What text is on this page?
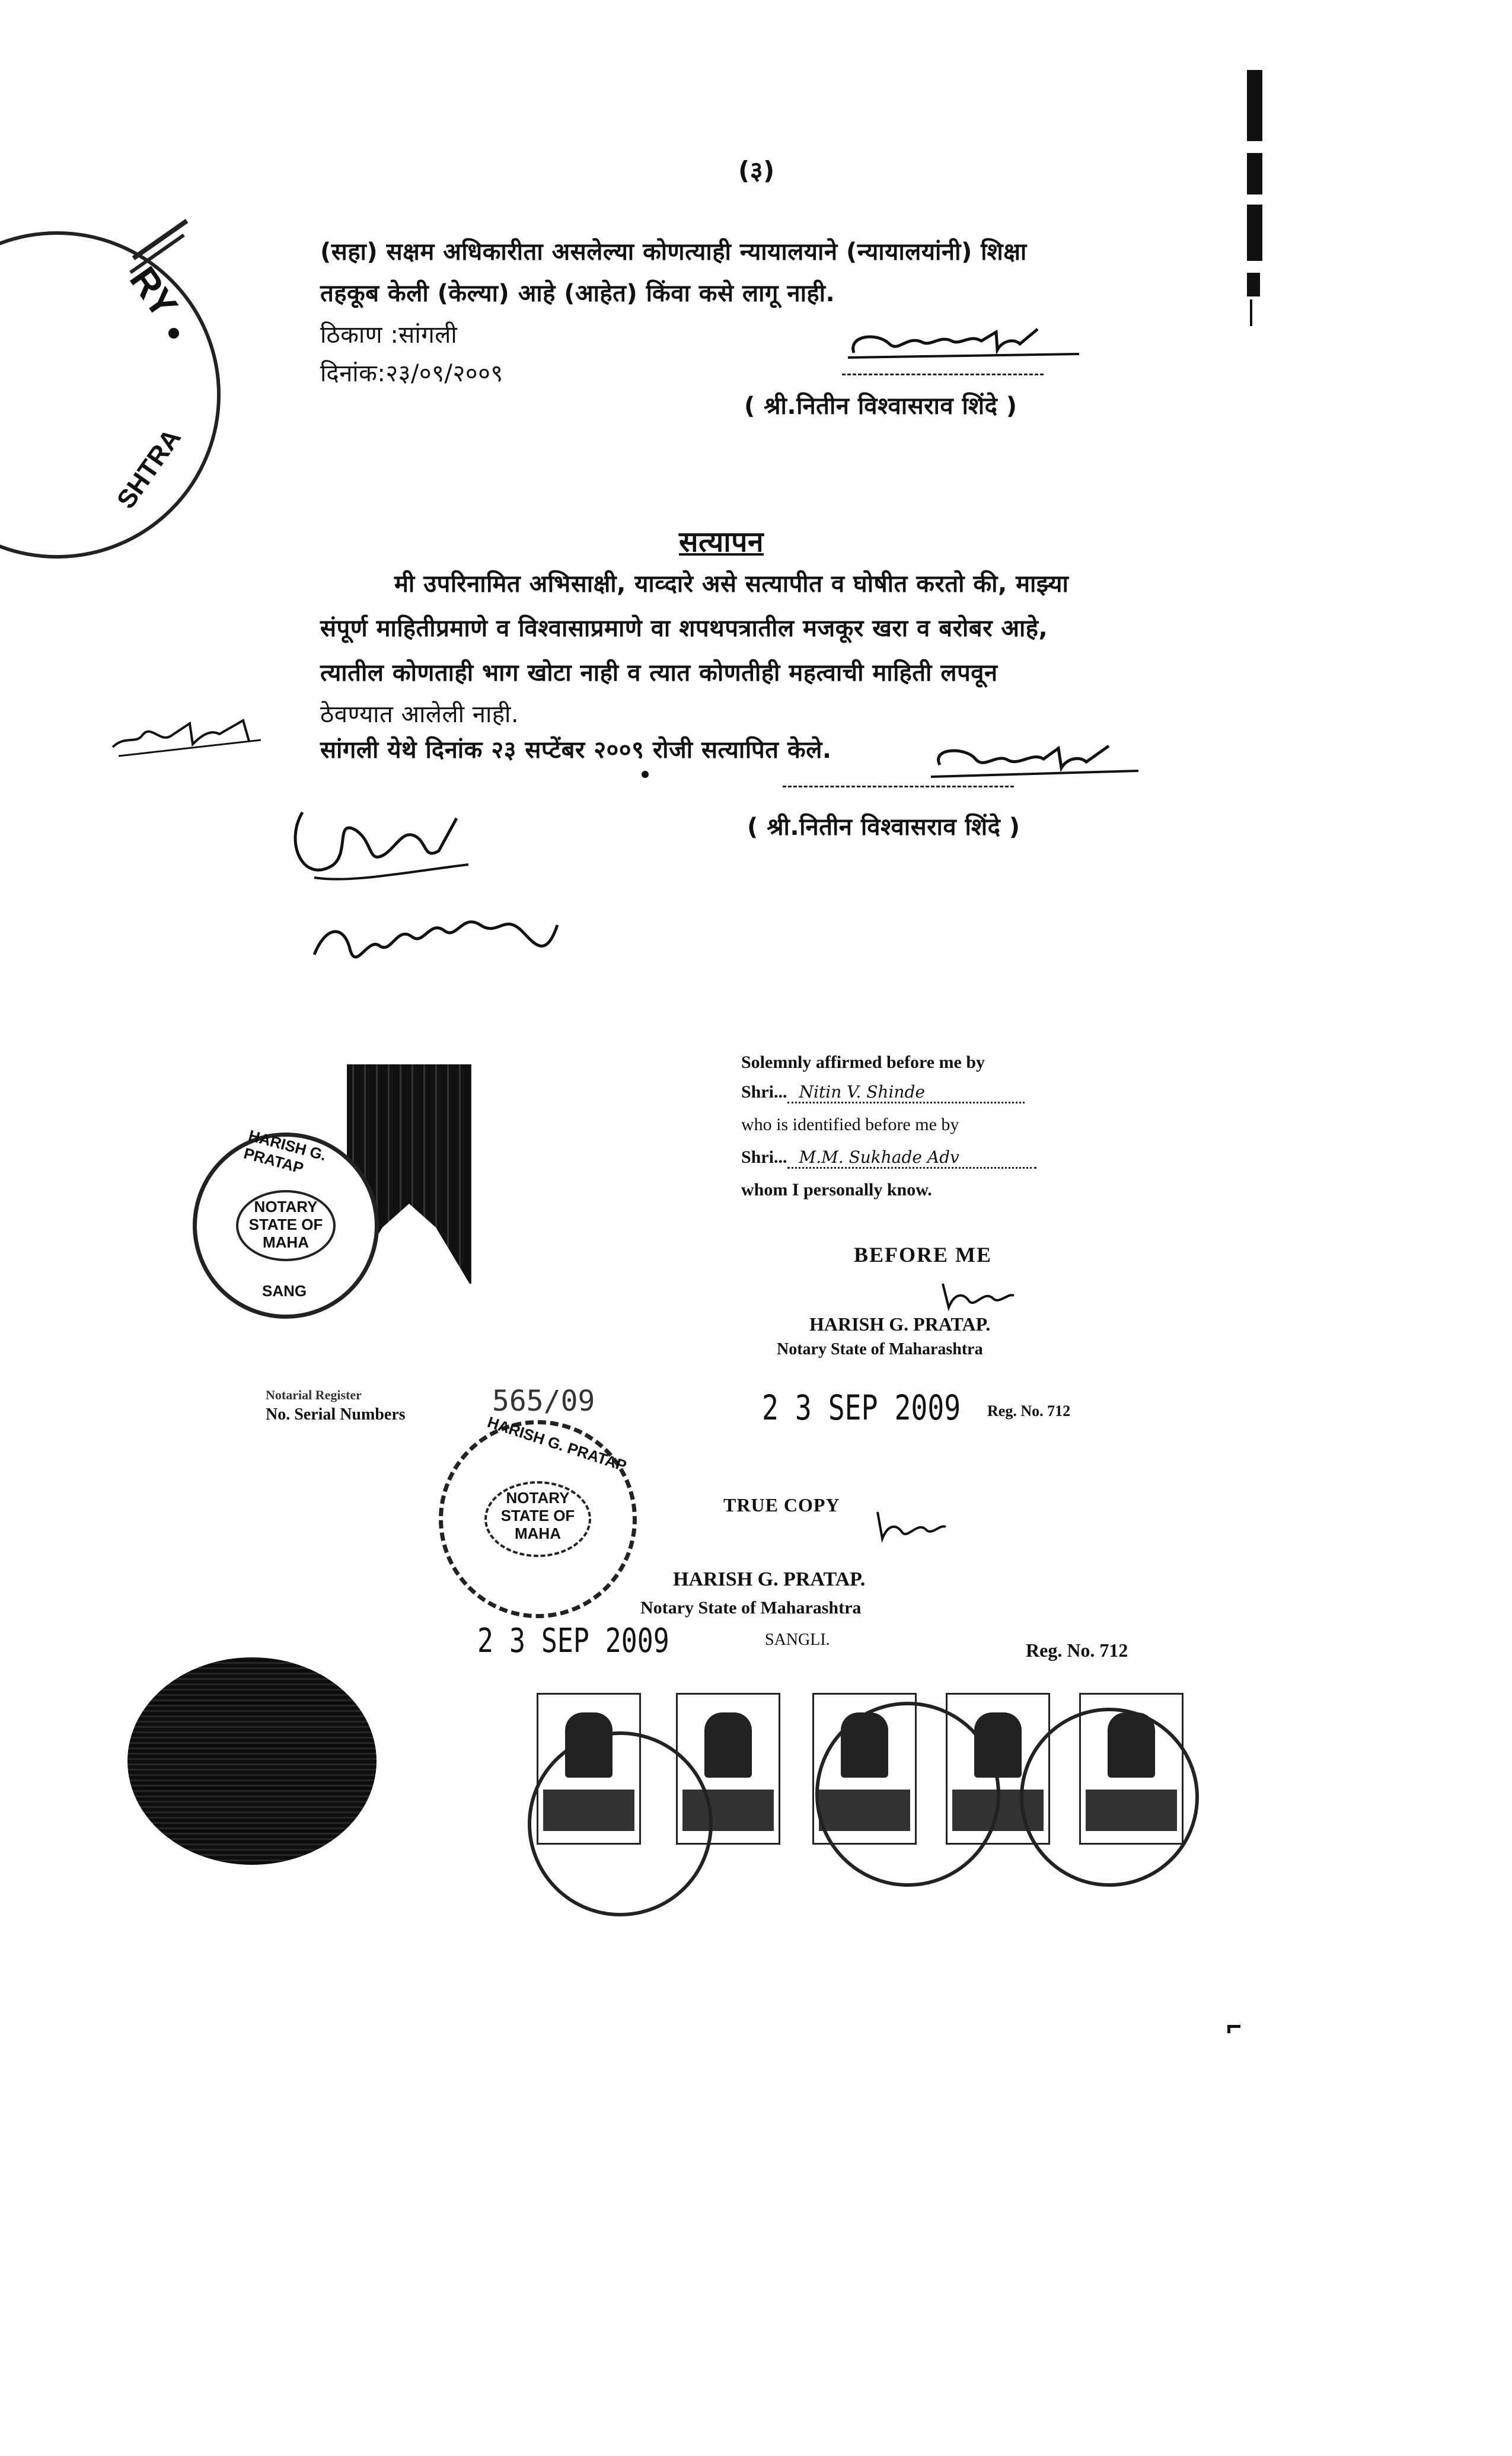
RY
SHTRA
(३)
(सहा) सक्षम अधिकारीता असलेल्या कोणत्याही न्यायालयाने (न्यायालयांनी) शिक्षा
तहकूब केली (केल्या) आहे (आहेत) किंवा कसे लागू नाही.
ठिकाण :सांगली
दिनांक:२३/०९/२००९
( श्री.नितीन विश्वासराव शिंदे )
सत्यापन
मी उपरिनामित अभिसाक्षी, याव्दारे असे सत्यापीत व घोषीत करतो की, माझ्या
संपूर्ण माहितीप्रमाणे व विश्वासाप्रमाणे वा शपथपत्रातील मजकूर खरा व बरोबर आहे,
त्यातील कोणताही भाग खोटा नाही व त्यात कोणतीही महत्वाची माहिती लपवून
ठेवण्यात आलेली नाही.
सांगली येथे दिनांक २३ सप्टेंबर २००९ रोजी सत्यापित केले.
( श्री.नितीन विश्वासराव शिंदे )
HARISH G. PRATAP
NOTARY
STATE OF
MAHA
SANG
Solemnly affirmed before me by
Shri... Nitin V. Shinde
who is identified before me by
Shri... M.M. Sukhade Adv
whom I personally know.
BEFORE ME
HARISH G. PRATAP.
Notary State of Maharashtra
2 3 SEP 2009 Reg. No. 712
Notarial Register
No. Serial Numbers	565/09
HARISH G. PRATAP
NOTARY
STATE OF
MAHA
TRUE COPY
HARISH G. PRATAP.
Notary State of Maharashtra
2 3 SEP 2009	SANGLI.	Reg. No. 712
